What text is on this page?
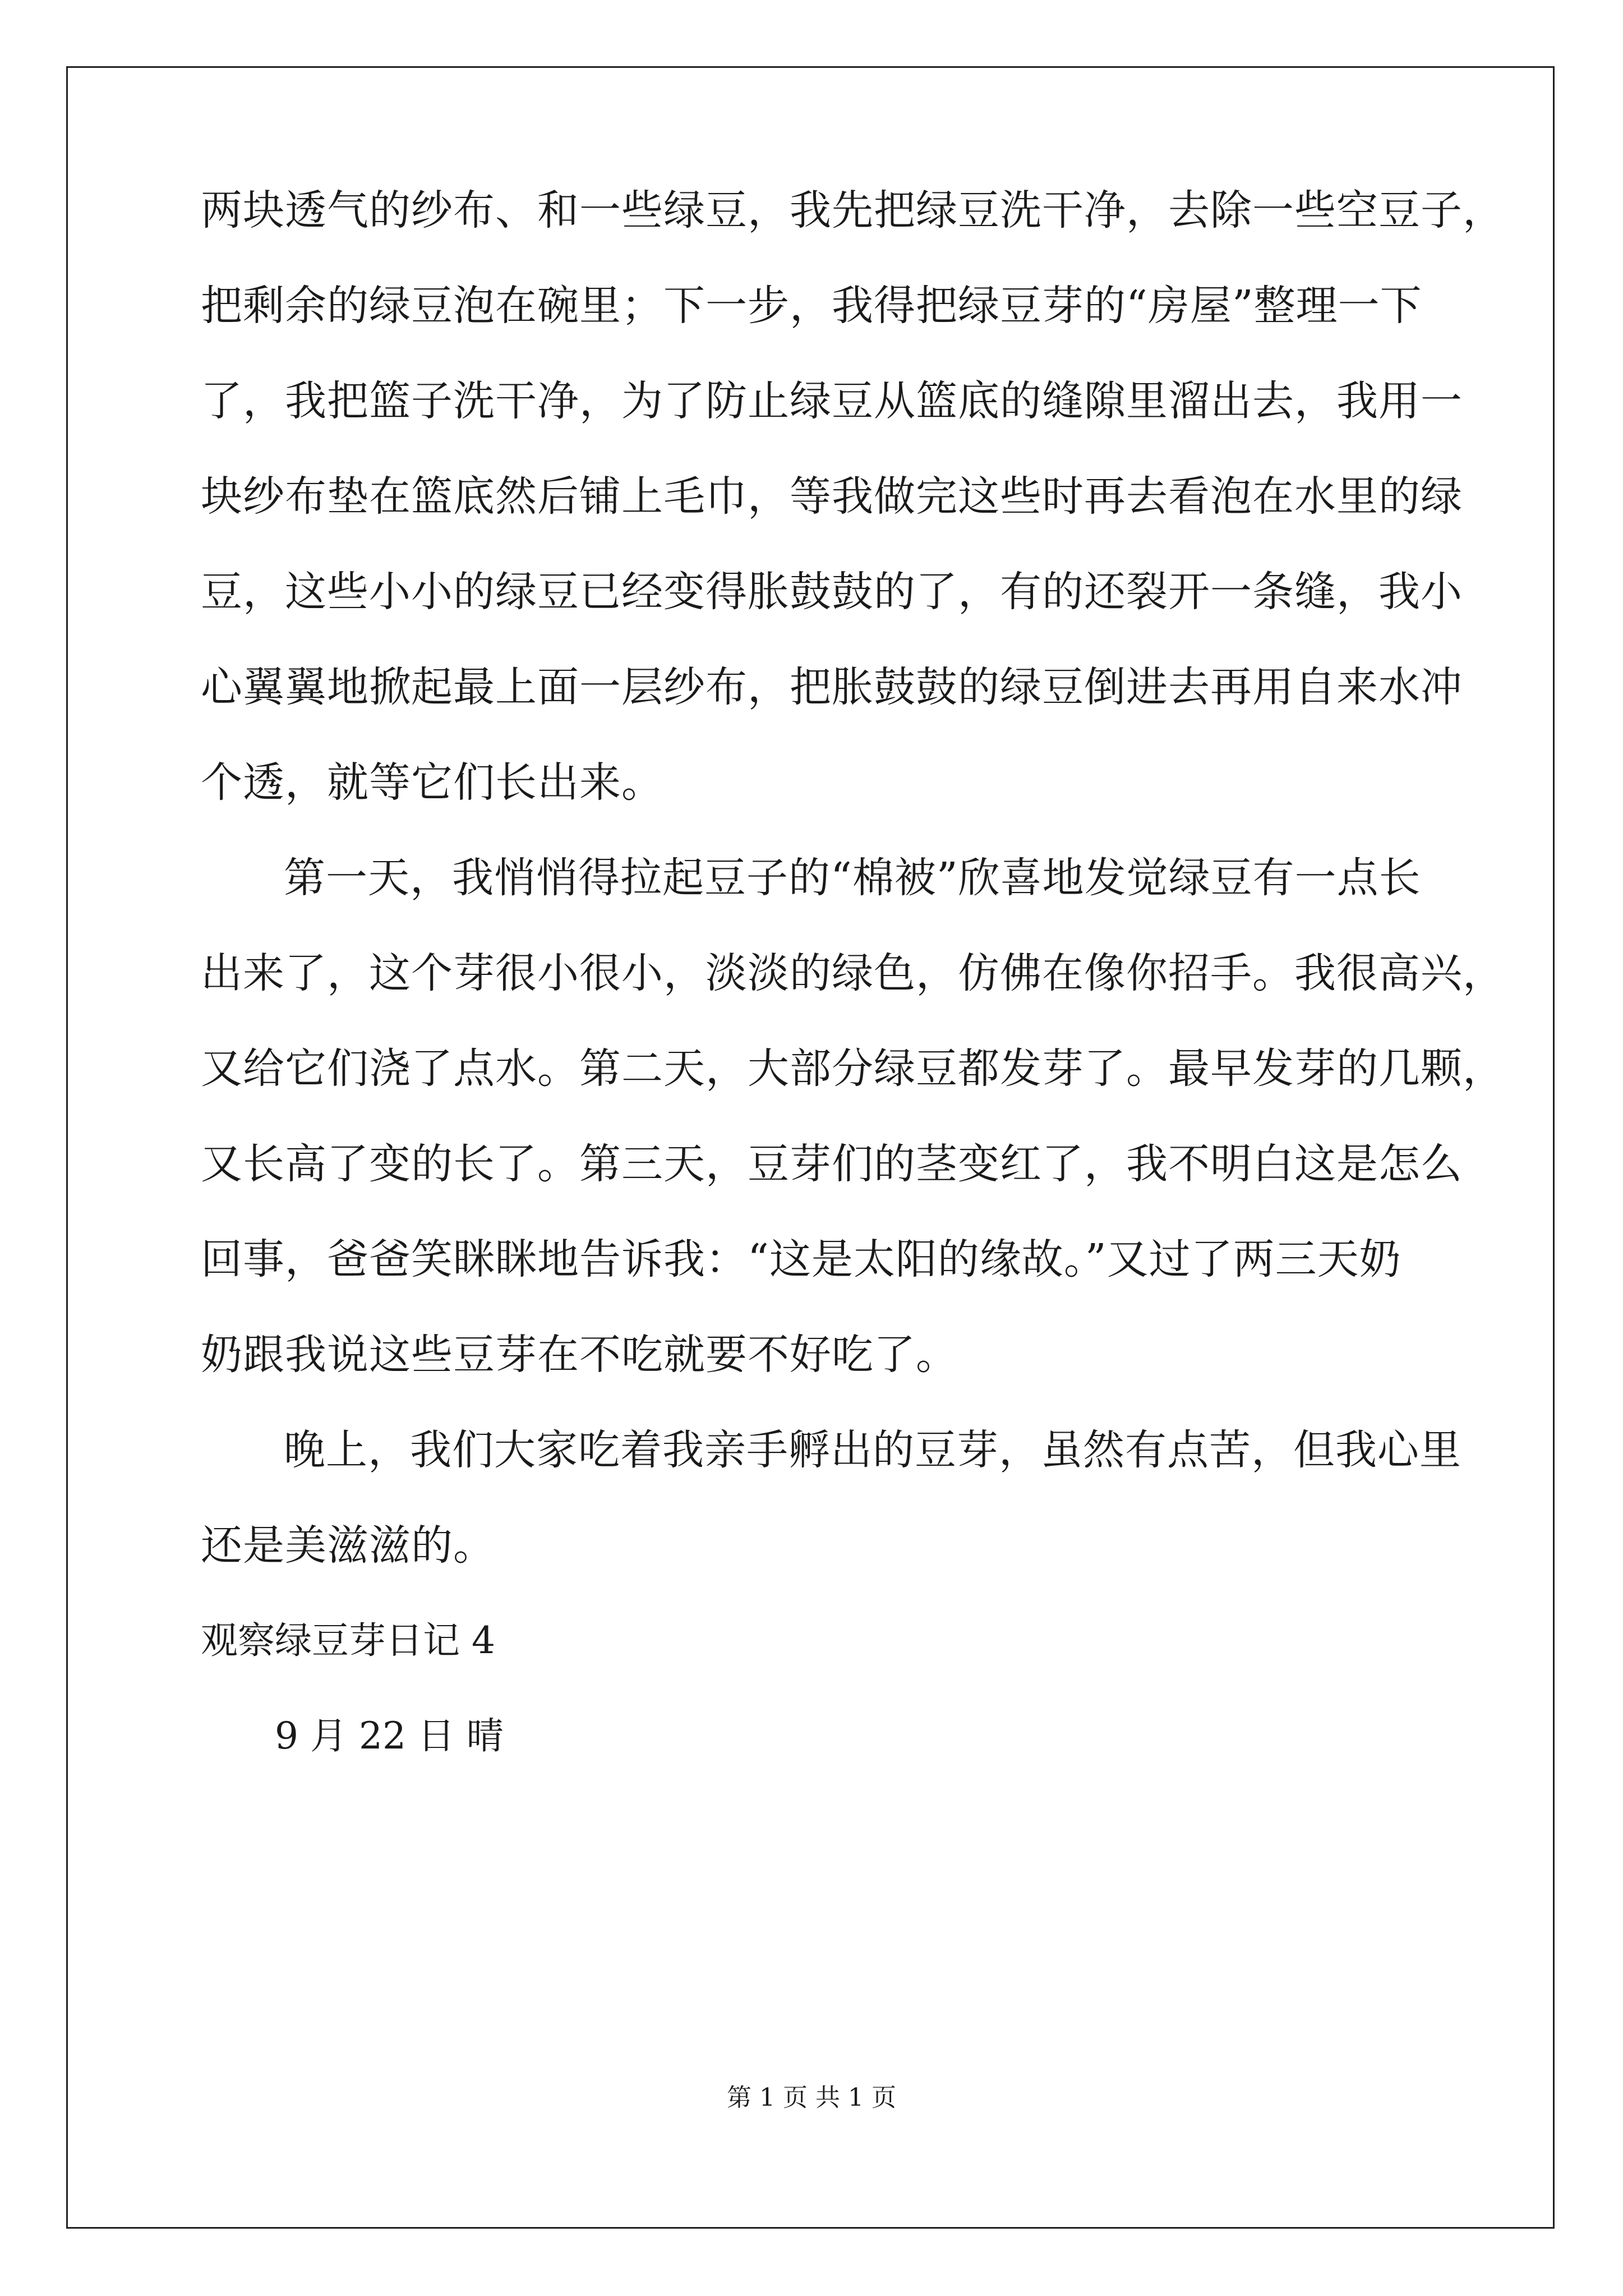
两块透气的纱布、和一些绿豆，我先把绿豆洗干净，去除一些空豆子，
把剩余的绿豆泡在碗里；下一步，我得把绿豆芽的“房屋”整理一下
了，我把篮子洗干净，为了防止绿豆从篮底的缝隙里溜出去，我用一
块纱布垫在篮底然后铺上毛巾，等我做完这些时再去看泡在水里的绿
豆，这些小小的绿豆已经变得胀鼓鼓的了，有的还裂开一条缝，我小
心翼翼地掀起最上面一层纱布，把胀鼓鼓的绿豆倒进去再用自来水冲
个透，就等它们长出来。
第一天，我悄悄得拉起豆子的“棉被”欣喜地发觉绿豆有一点长
出来了，这个芽很小很小，淡淡的绿色，仿佛在像你招手。我很高兴，
又给它们浇了点水。第二天，大部分绿豆都发芽了。最早发芽的几颗，
又长高了变的长了。第三天，豆芽们的茎变红了，我不明白这是怎么
回事，爸爸笑眯眯地告诉我：“这是太阳的缘故。”又过了两三天奶
奶跟我说这些豆芽在不吃就要不好吃了。
晚上，我们大家吃着我亲手孵出的豆芽，虽然有点苦，但我心里
还是美滋滋的。
观察绿豆芽日记 4
9 月 22 日 晴
第 1 页 共 1 页
